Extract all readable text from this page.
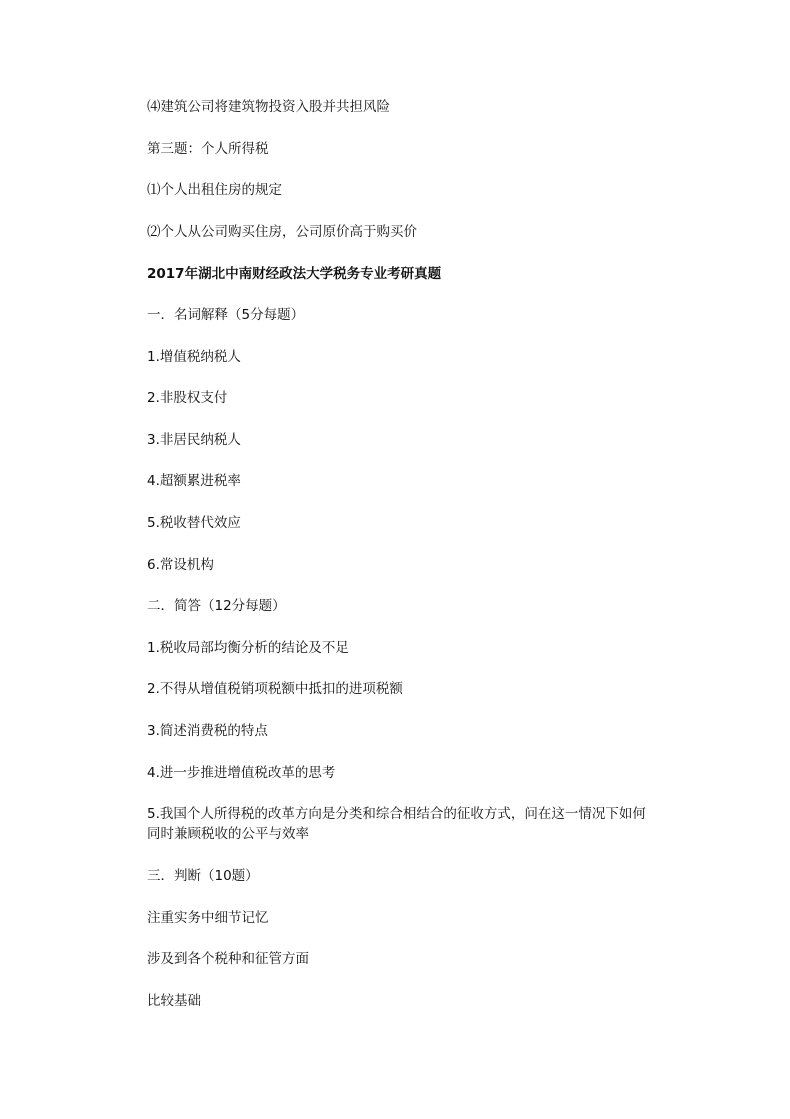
⑷建筑公司将建筑物投资入股并共担风险
第三题：个人所得税
⑴个人出租住房的规定
⑵个人从公司购买住房，公司原价高于购买价
2017年湖北中南财经政法大学税务专业考研真题
一．名词解释（5分每题）
1.增值税纳税人
2.非股权支付
3.非居民纳税人
4.超额累进税率
5.税收替代效应
6.常设机构
二．简答（12分每题）
1.税收局部均衡分析的结论及不足
2.不得从增值税销项税额中抵扣的进项税额
3.简述消费税的特点
4.进一步推进增值税改革的思考
5.我国个人所得税的改革方向是分类和综合相结合的征收方式，问在这一情况下如何
同时兼顾税收的公平与效率
三．判断（10题）
注重实务中细节记忆
涉及到各个税种和征管方面
比较基础
